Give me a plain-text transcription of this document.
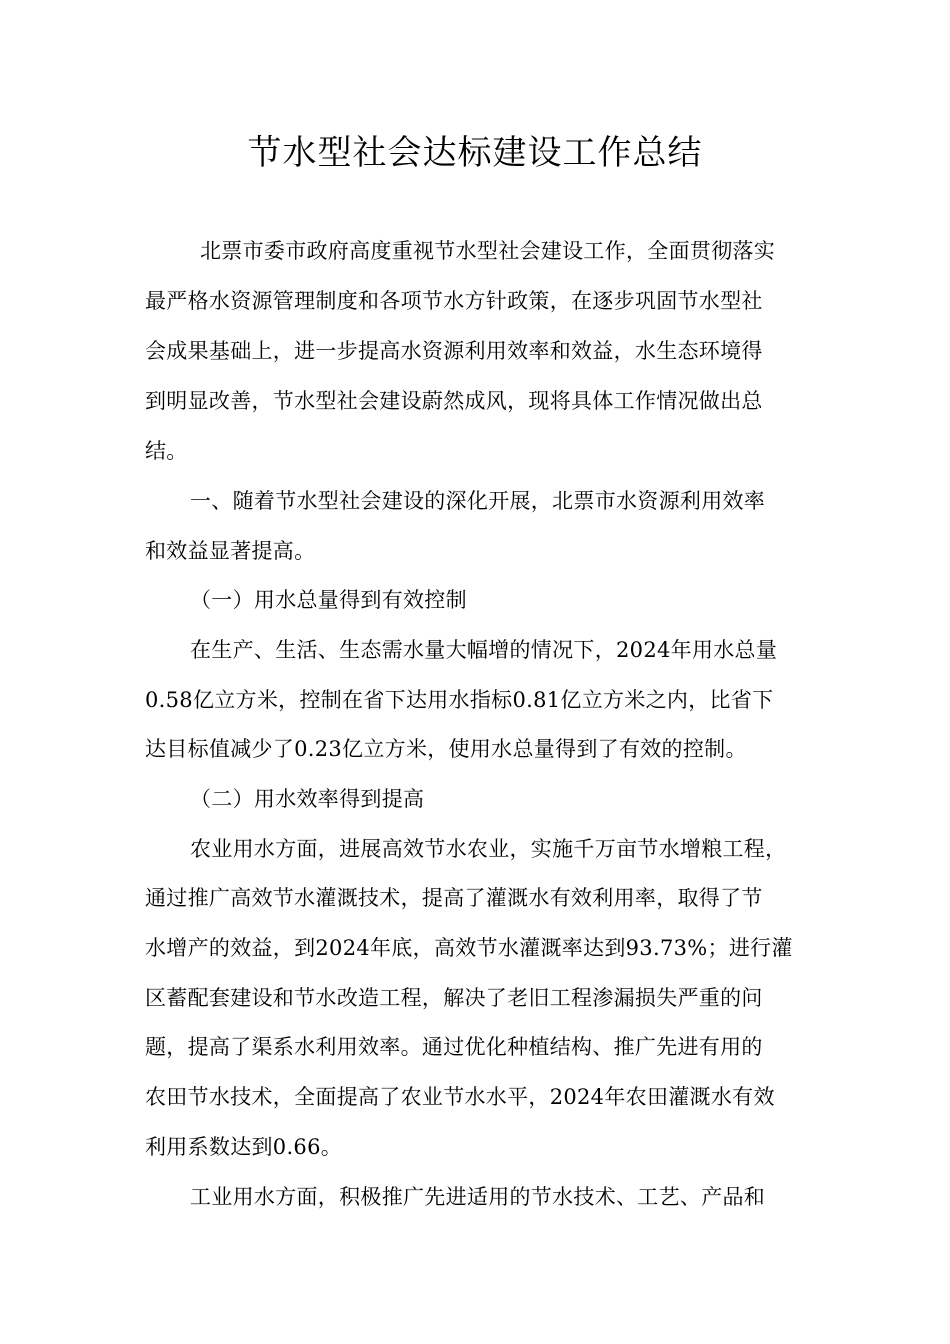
节水型社会达标建设工作总结
北票市委市政府高度重视节水型社会建设工作，全面贯彻落实
最严格水资源管理制度和各项节水方针政策，在逐步巩固节水型社
会成果基础上，进一步提高水资源利用效率和效益，水生态环境得
到明显改善，节水型社会建设蔚然成风，现将具体工作情况做出总
结。
一、随着节水型社会建设的深化开展，北票市水资源利用效率
和效益显著提高。
（一）用水总量得到有效控制
在生产、生活、生态需水量大幅增的情况下，2024年用水总量
0.58亿立方米，控制在省下达用水指标0.81亿立方米之内，比省下
达目标值减少了0.23亿立方米，使用水总量得到了有效的控制。
（二）用水效率得到提高
农业用水方面，进展高效节水农业，实施千万亩节水增粮工程，
通过推广高效节水灌溉技术，提高了灌溉水有效利用率，取得了节
水增产的效益，到2024年底，高效节水灌溉率达到93.73%；进行灌
区蓄配套建设和节水改造工程，解决了老旧工程渗漏损失严重的问
题，提高了渠系水利用效率。通过优化种植结构、推广先进有用的
农田节水技术，全面提高了农业节水水平，2024年农田灌溉水有效
利用系数达到0.66。
工业用水方面，积极推广先进适用的节水技术、工艺、产品和
